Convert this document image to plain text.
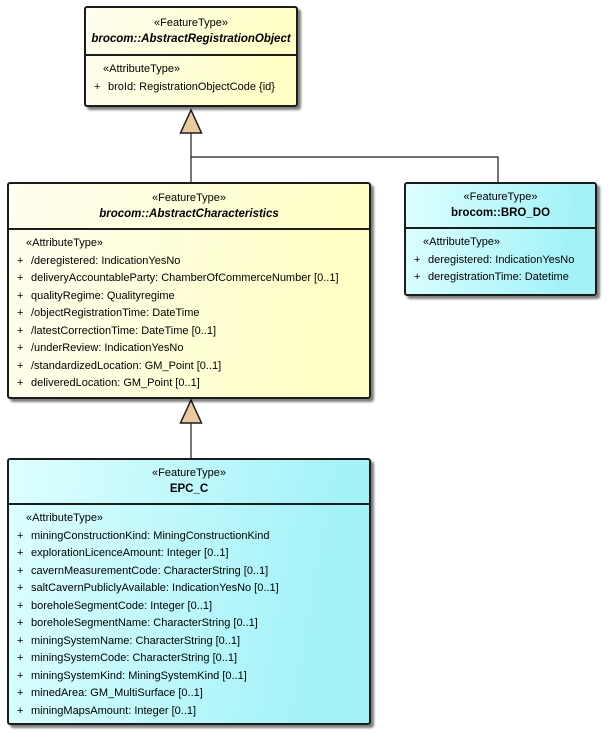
«FeatureType»
brocom::AbstractRegistrationObject
«AttributeType»
+ broId: RegistrationObjectCode {id}
«FeatureType»
brocom::AbstractCharacteristics
«AttributeType»
+ /deregistered: IndicationYesNo
+ deliveryAccountableParty: ChamberOfCommerceNumber [0..1]
+ qualityRegime: Qualityregime
+ /objectRegistrationTime: DateTime
+ /latestCorrectionTime: DateTime [0..1]
+ /underReview: IndicationYesNo
+ /standardizedLocation: GM_Point [0..1]
+ deliveredLocation: GM_Point [0..1]
«FeatureType»
brocom::BRO_DO
«AttributeType»
+ deregistered: IndicationYesNo
+ deregistrationTime: Datetime
«FeatureType»
EPC_C
«AttributeType»
+ miningConstructionKind: MiningConstructionKind
+ explorationLicenceAmount: Integer [0..1]
+ cavernMeasurementCode: CharacterString [0..1]
+ saltCavernPubliclyAvailable: IndicationYesNo [0..1]
+ boreholeSegmentCode: Integer [0..1]
+ boreholeSegmentName: CharacterString [0..1]
+ miningSystemName: CharacterString [0..1]
+ miningSystemCode: CharacterString [0..1]
+ miningSystemKind: MiningSystemKind [0..1]
+ minedArea: GM_MultiSurface [0..1]
+ miningMapsAmount: Integer [0..1]
